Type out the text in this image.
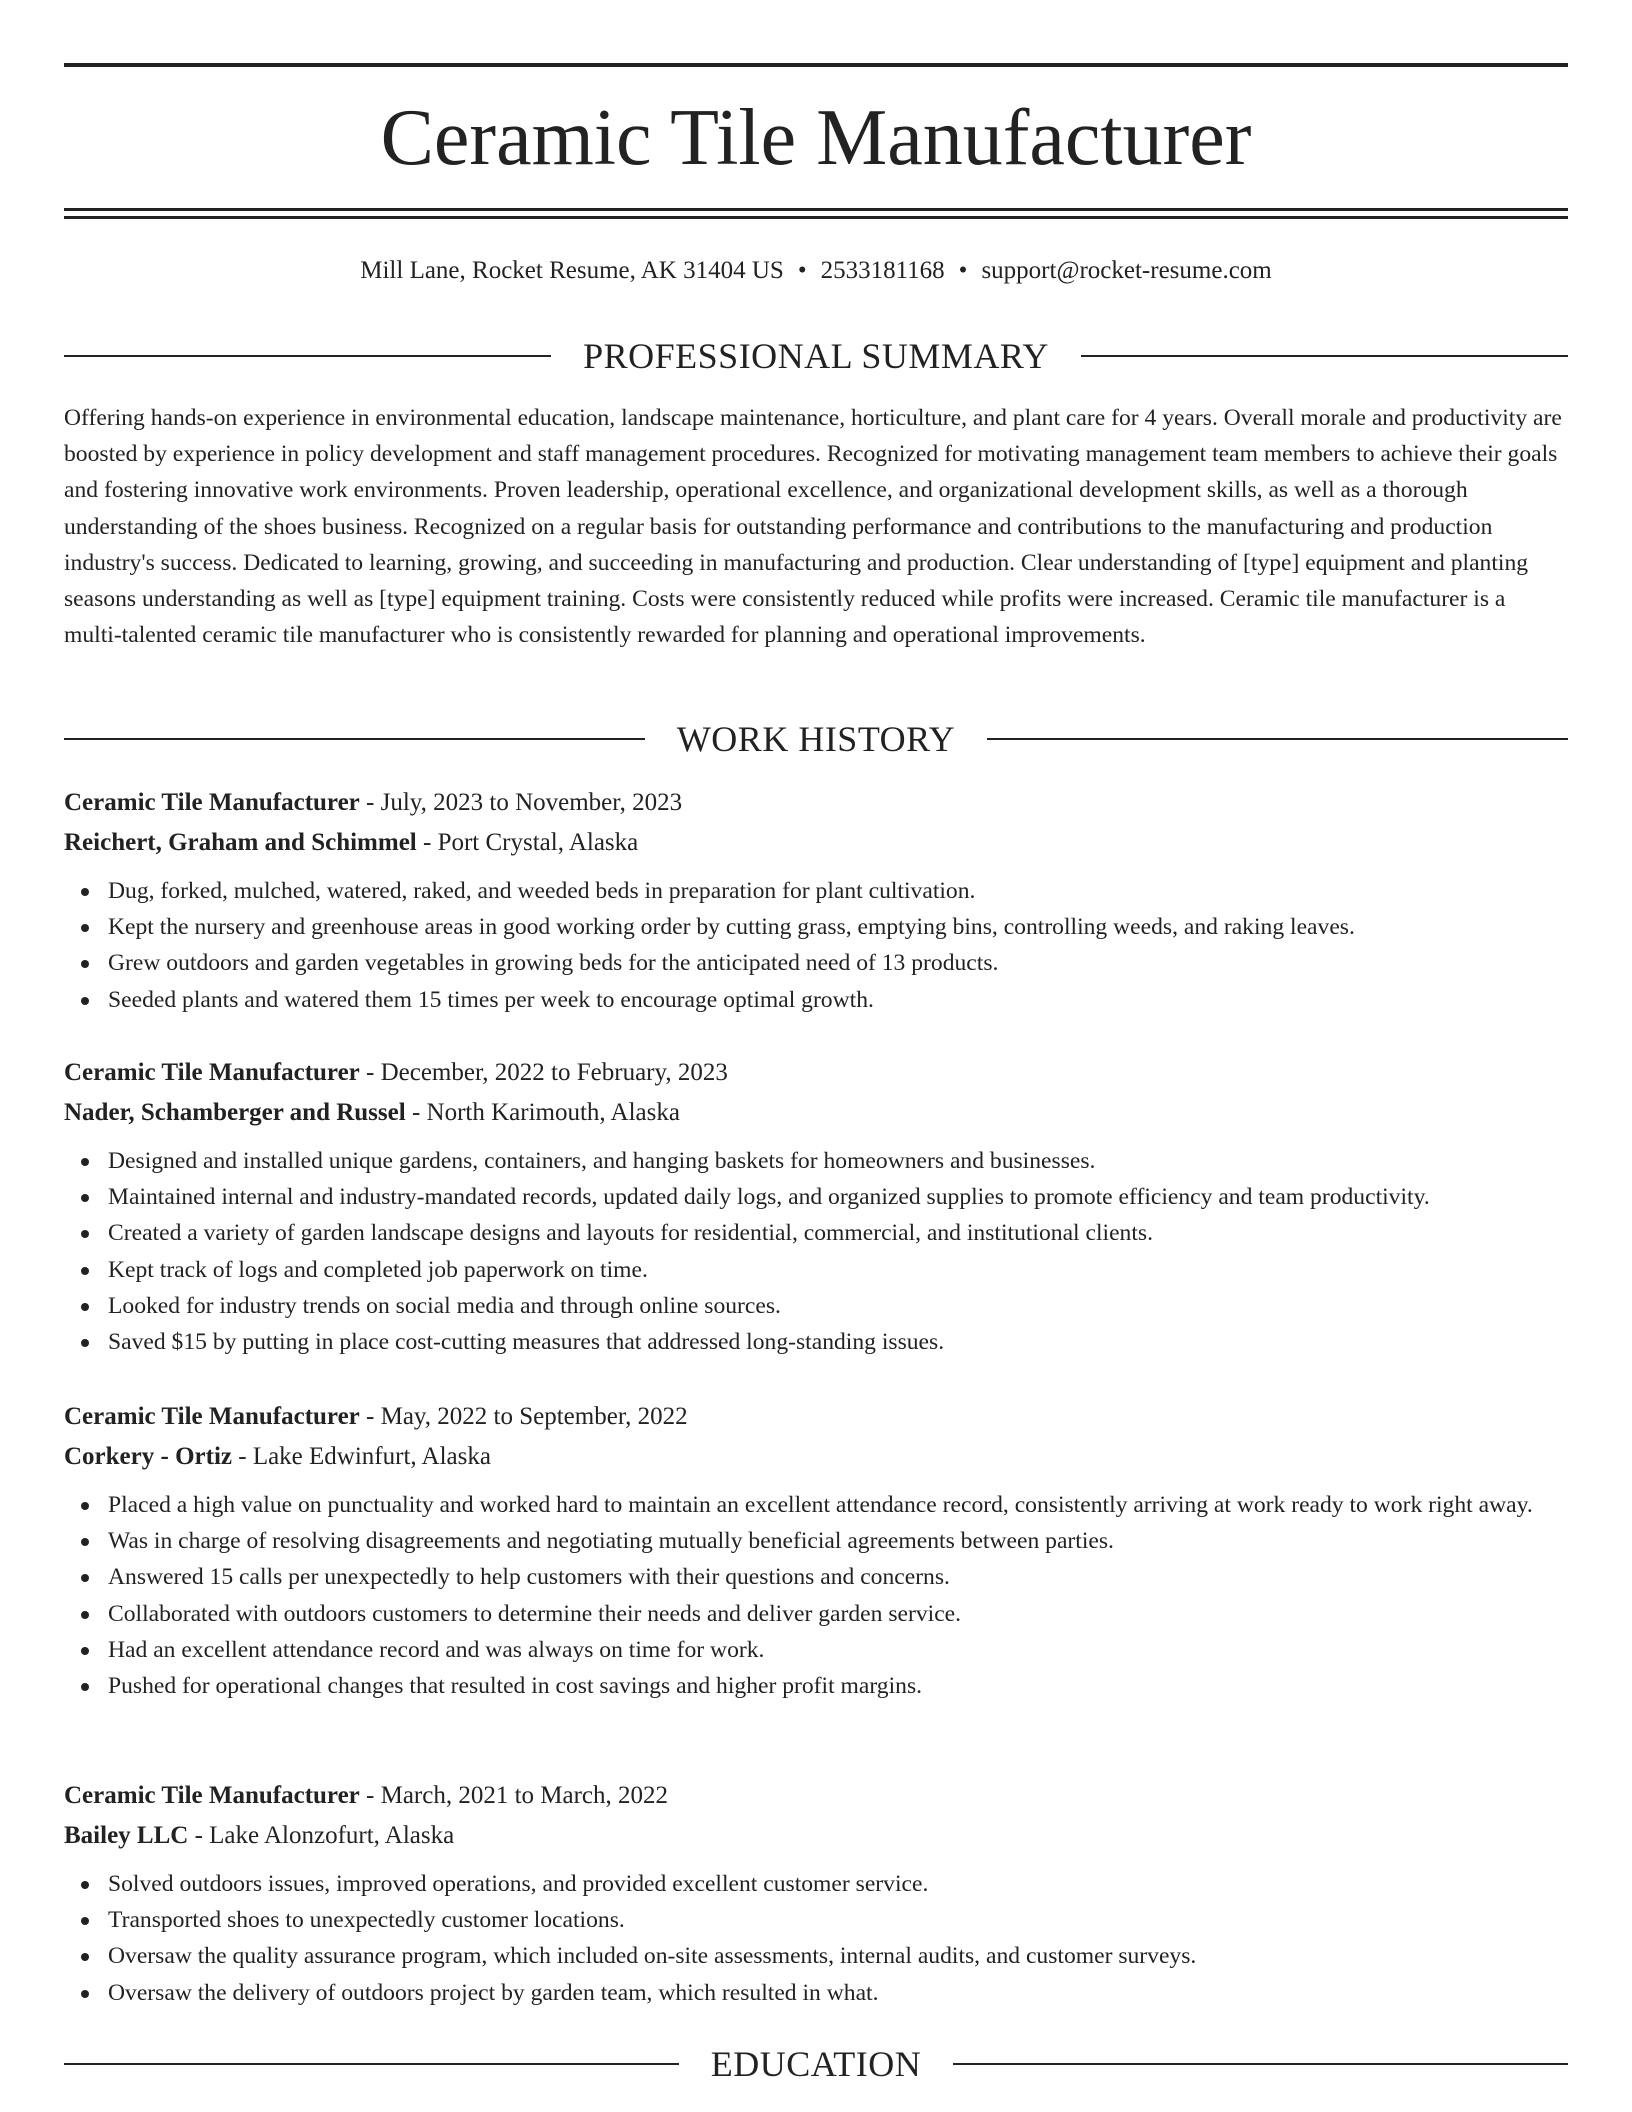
Ceramic Tile Manufacturer
Mill Lane, Rocket Resume, AK 31404 US • 2533181168 • support@rocket-resume.com
PROFESSIONAL SUMMARY
Offering hands-on experience in environmental education, landscape maintenance, horticulture, and plant care for 4 years. Overall morale and productivity are boosted by experience in policy development and staff management procedures. Recognized for motivating management team members to achieve their goals and fostering innovative work environments. Proven leadership, operational excellence, and organizational development skills, as well as a thorough understanding of the shoes business. Recognized on a regular basis for outstanding performance and contributions to the manufacturing and production industry's success. Dedicated to learning, growing, and succeeding in manufacturing and production. Clear understanding of [type] equipment and planting seasons understanding as well as [type] equipment training. Costs were consistently reduced while profits were increased. Ceramic tile manufacturer is a multi-talented ceramic tile manufacturer who is consistently rewarded for planning and operational improvements.
WORK HISTORY
Ceramic Tile Manufacturer - July, 2023 to November, 2023
Reichert, Graham and Schimmel - Port Crystal, Alaska
Dug, forked, mulched, watered, raked, and weeded beds in preparation for plant cultivation.
Kept the nursery and greenhouse areas in good working order by cutting grass, emptying bins, controlling weeds, and raking leaves.
Grew outdoors and garden vegetables in growing beds for the anticipated need of 13 products.
Seeded plants and watered them 15 times per week to encourage optimal growth.
Ceramic Tile Manufacturer - December, 2022 to February, 2023
Nader, Schamberger and Russel - North Karimouth, Alaska
Designed and installed unique gardens, containers, and hanging baskets for homeowners and businesses.
Maintained internal and industry-mandated records, updated daily logs, and organized supplies to promote efficiency and team productivity.
Created a variety of garden landscape designs and layouts for residential, commercial, and institutional clients.
Kept track of logs and completed job paperwork on time.
Looked for industry trends on social media and through online sources.
Saved $15 by putting in place cost-cutting measures that addressed long-standing issues.
Ceramic Tile Manufacturer - May, 2022 to September, 2022
Corkery - Ortiz - Lake Edwinfurt, Alaska
Placed a high value on punctuality and worked hard to maintain an excellent attendance record, consistently arriving at work ready to work right away.
Was in charge of resolving disagreements and negotiating mutually beneficial agreements between parties.
Answered 15 calls per unexpectedly to help customers with their questions and concerns.
Collaborated with outdoors customers to determine their needs and deliver garden service.
Had an excellent attendance record and was always on time for work.
Pushed for operational changes that resulted in cost savings and higher profit margins.
Ceramic Tile Manufacturer - March, 2021 to March, 2022
Bailey LLC - Lake Alonzofurt, Alaska
Solved outdoors issues, improved operations, and provided excellent customer service.
Transported shoes to unexpectedly customer locations.
Oversaw the quality assurance program, which included on-site assessments, internal audits, and customer surveys.
Oversaw the delivery of outdoors project by garden team, which resulted in what.
EDUCATION
